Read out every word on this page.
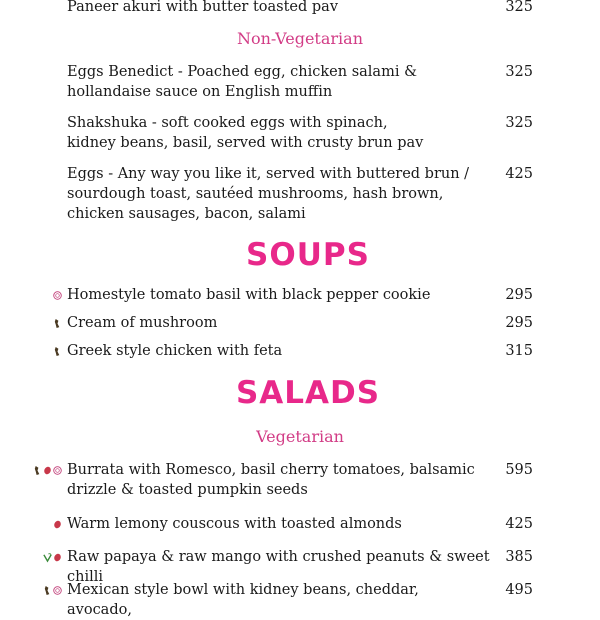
Paneer akuri with butter toasted pav	325
Non-Vegetarian
Eggs Benedict - Poached egg, chicken salami &
hollandaise sauce on English muffin
325
Shakshuka - soft cooked eggs with spinach,
kidney beans, basil, served with crusty brun pav
325
Eggs - Any way you like it, served with buttered brun /
sourdough toast, sautéed mushrooms, hash brown,
chicken sausages, bacon, salami
425
SOUPS
Homestyle tomato basil with black pepper cookie	295
Cream of mushroom	295
Greek style chicken with feta	315
SALADS
Vegetarian
Burrata with Romesco, basil cherry tomatoes, balsamic
drizzle & toasted pumpkin seeds
595
Warm lemony couscous with toasted almonds	425
Raw papaya & raw mango with crushed peanuts & sweet chilli
385
Mexican style bowl with kidney beans, cheddar, avocado,
495
